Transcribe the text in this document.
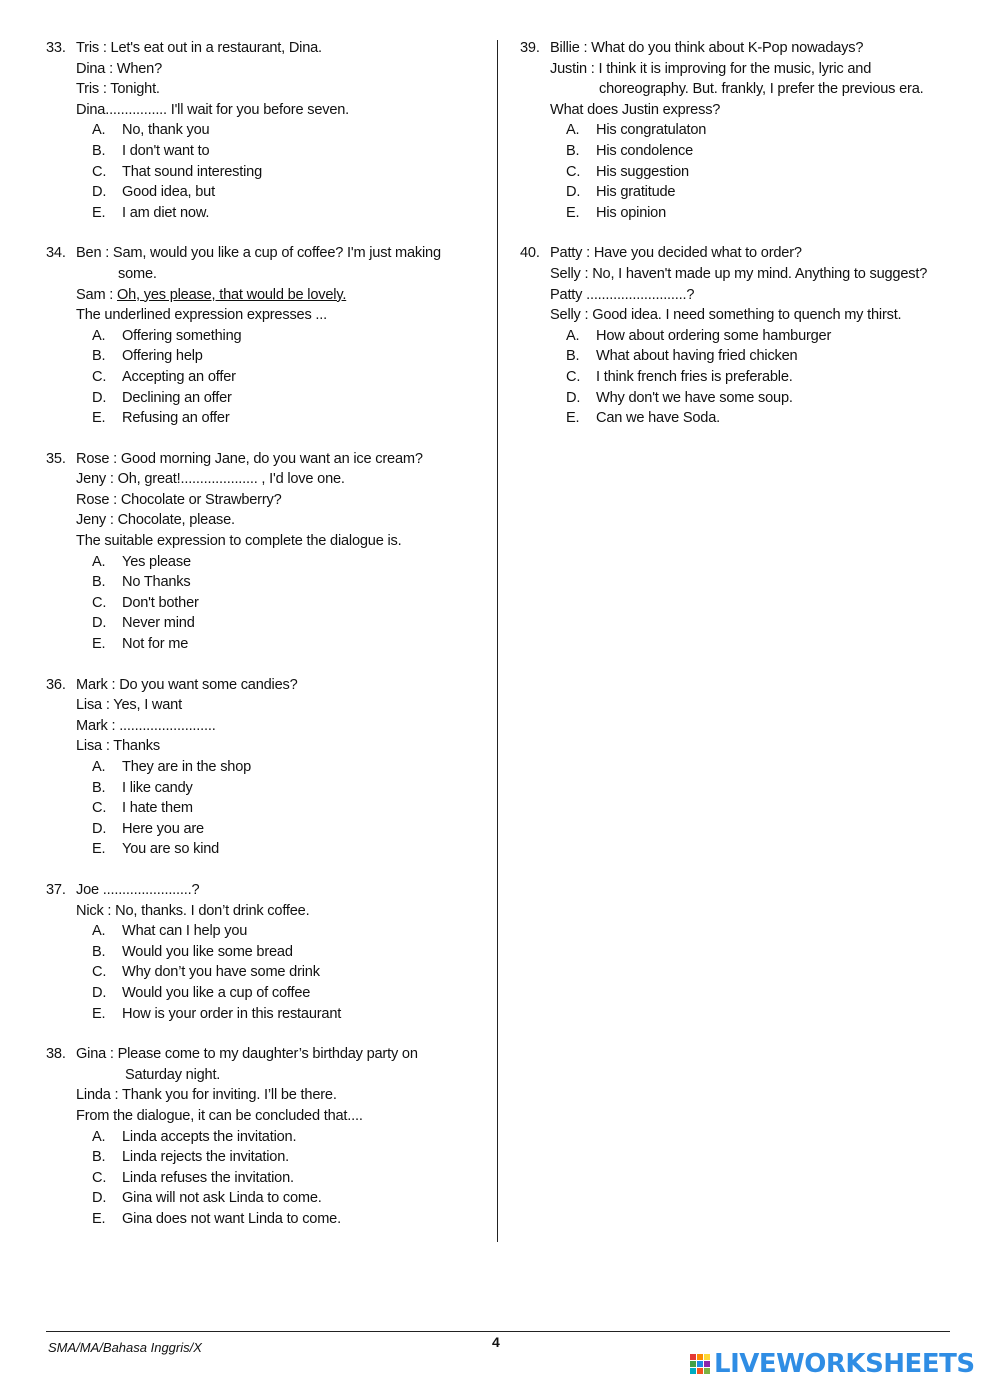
33. Tris : Let's eat out in a restaurant, Dina.
Dina : When?
Tris : Tonight.
Dina................ I'll wait for you before seven.
A. No, thank you
B. I don't want to
C. That sound interesting
D. Good idea, but
E. I am diet now.
34. Ben : Sam, would you like a cup of coffee? I'm just making
some.
Sam : Oh, yes please, that would be lovely.
The underlined expression expresses ...
A. Offering something
B. Offering help
C. Accepting an offer
D. Declining an offer
E. Refusing an offer
35. Rose : Good morning Jane, do you want an ice cream?
Jeny : Oh, great!.................... , I'd love one.
Rose : Chocolate or Strawberry?
Jeny : Chocolate, please.
The suitable expression to complete the dialogue is.
A. Yes please
B. No Thanks
C. Don't bother
D. Never mind
E. Not for me
36. Mark : Do you want some candies?
Lisa : Yes, I want
Mark : .........................
Lisa : Thanks
A. They are in the shop
B. I like candy
C. I hate them
D. Here you are
E. You are so kind
37. Joe .......................?
Nick : No, thanks. I don’t drink coffee.
A. What can I help you
B. Would you like some bread
C. Why don’t you have some drink
D. Would you like a cup of coffee
E. How is your order in this restaurant
38. Gina : Please come to my daughter’s birthday party on
Saturday night.
Linda : Thank you for inviting. I’ll be there.
From the dialogue, it can be concluded that....
A. Linda accepts the invitation.
B. Linda rejects the invitation.
C. Linda refuses the invitation.
D. Gina will not ask Linda to come.
E. Gina does not want Linda to come.
39. Billie : What do you think about K-Pop nowadays?
Justin : I think it is improving for the music, lyric and
choreography. But. frankly, I prefer the previous era.
What does Justin express?
A. His congratulaton
B. His condolence
C. His suggestion
D. His gratitude
E. His opinion
40. Patty : Have you decided what to order?
Selly : No, I haven't made up my mind. Anything to suggest?
Patty ..........................?
Selly : Good idea. I need something to quench my thirst.
A. How about ordering some hamburger
B. What about having fried chicken
C. I think french fries is preferable.
D. Why don't we have some soup.
E. Can we have Soda.
SMA/MA/Bahasa Inggris/X	4
LIVEWORKSHEETS
